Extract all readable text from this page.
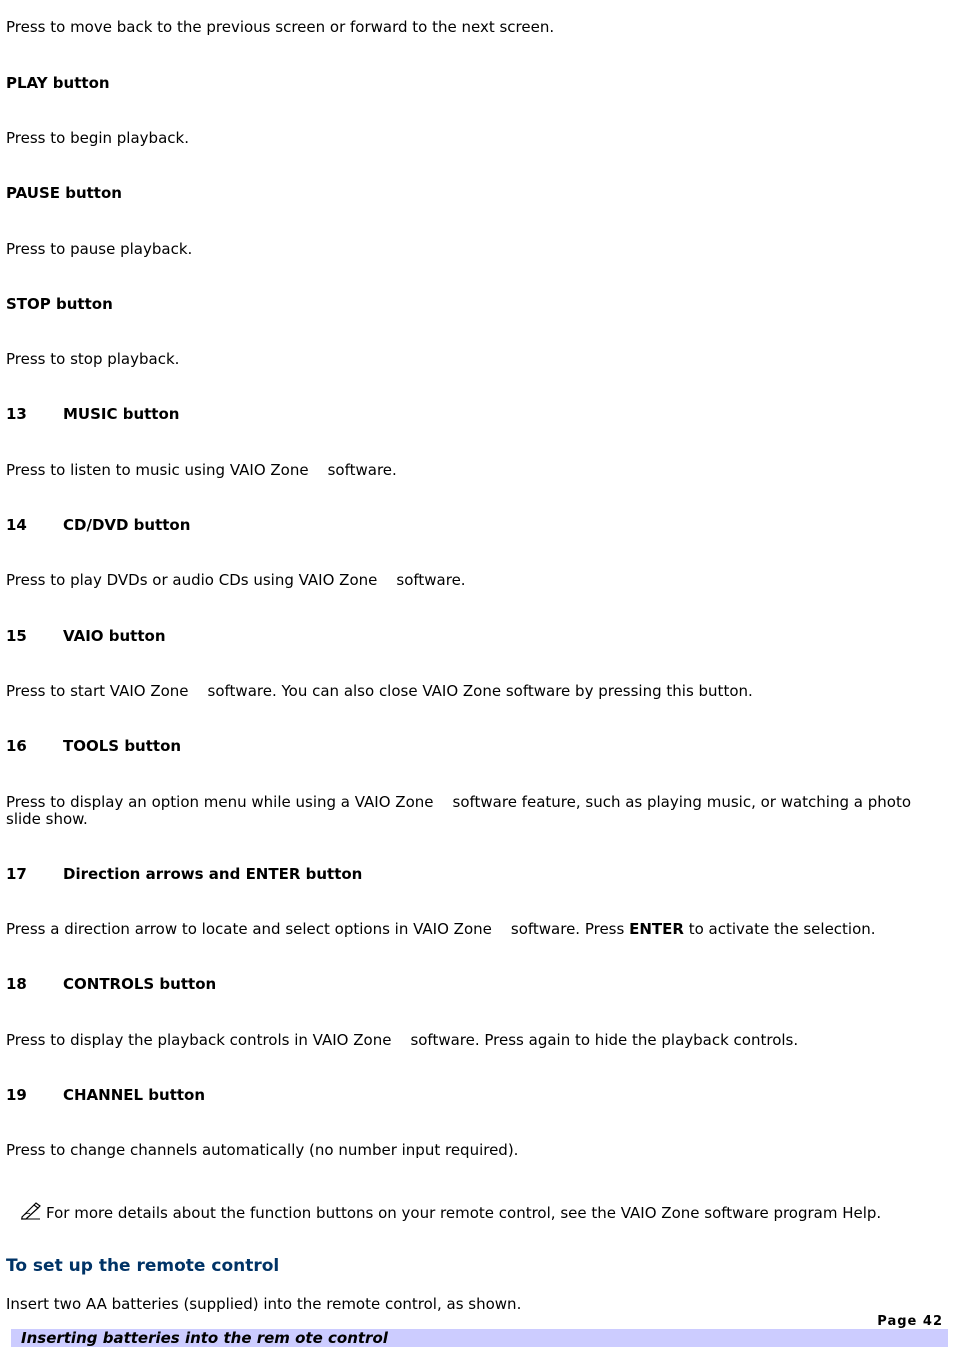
Press to move back to the previous screen or forward to the next screen.
PLAY button
Press to begin playback.
PAUSE button
Press to pause playback.
STOP button
Press to stop playback.
13 MUSIC button
Press to listen to music using VAIO Zone software.
14 CD/DVD button
Press to play DVDs or audio CDs using VAIO Zone software.
15 VAIO button
Press to start VAIO Zone software. You can also close VAIO Zone software by pressing this button.
16 TOOLS button
Press to display an option menu while using a VAIO Zone software feature, such as playing music, or watching a photo slide show.
17 Direction arrows and ENTER button
Press a direction arrow to locate and select options in VAIO Zone software. Press ENTER to activate the selection.
18 CONTROLS button
Press to display the playback controls in VAIO Zone software. Press again to hide the playback controls.
19 CHANNEL button
Press to change channels automatically (no number input required).
For more details about the function buttons on your remote control, see the VAIO Zone software program Help.
To set up the remote control
Insert two AA batteries (supplied) into the remote control, as shown.
Page 42
Inserting batteries into the rem ote control
